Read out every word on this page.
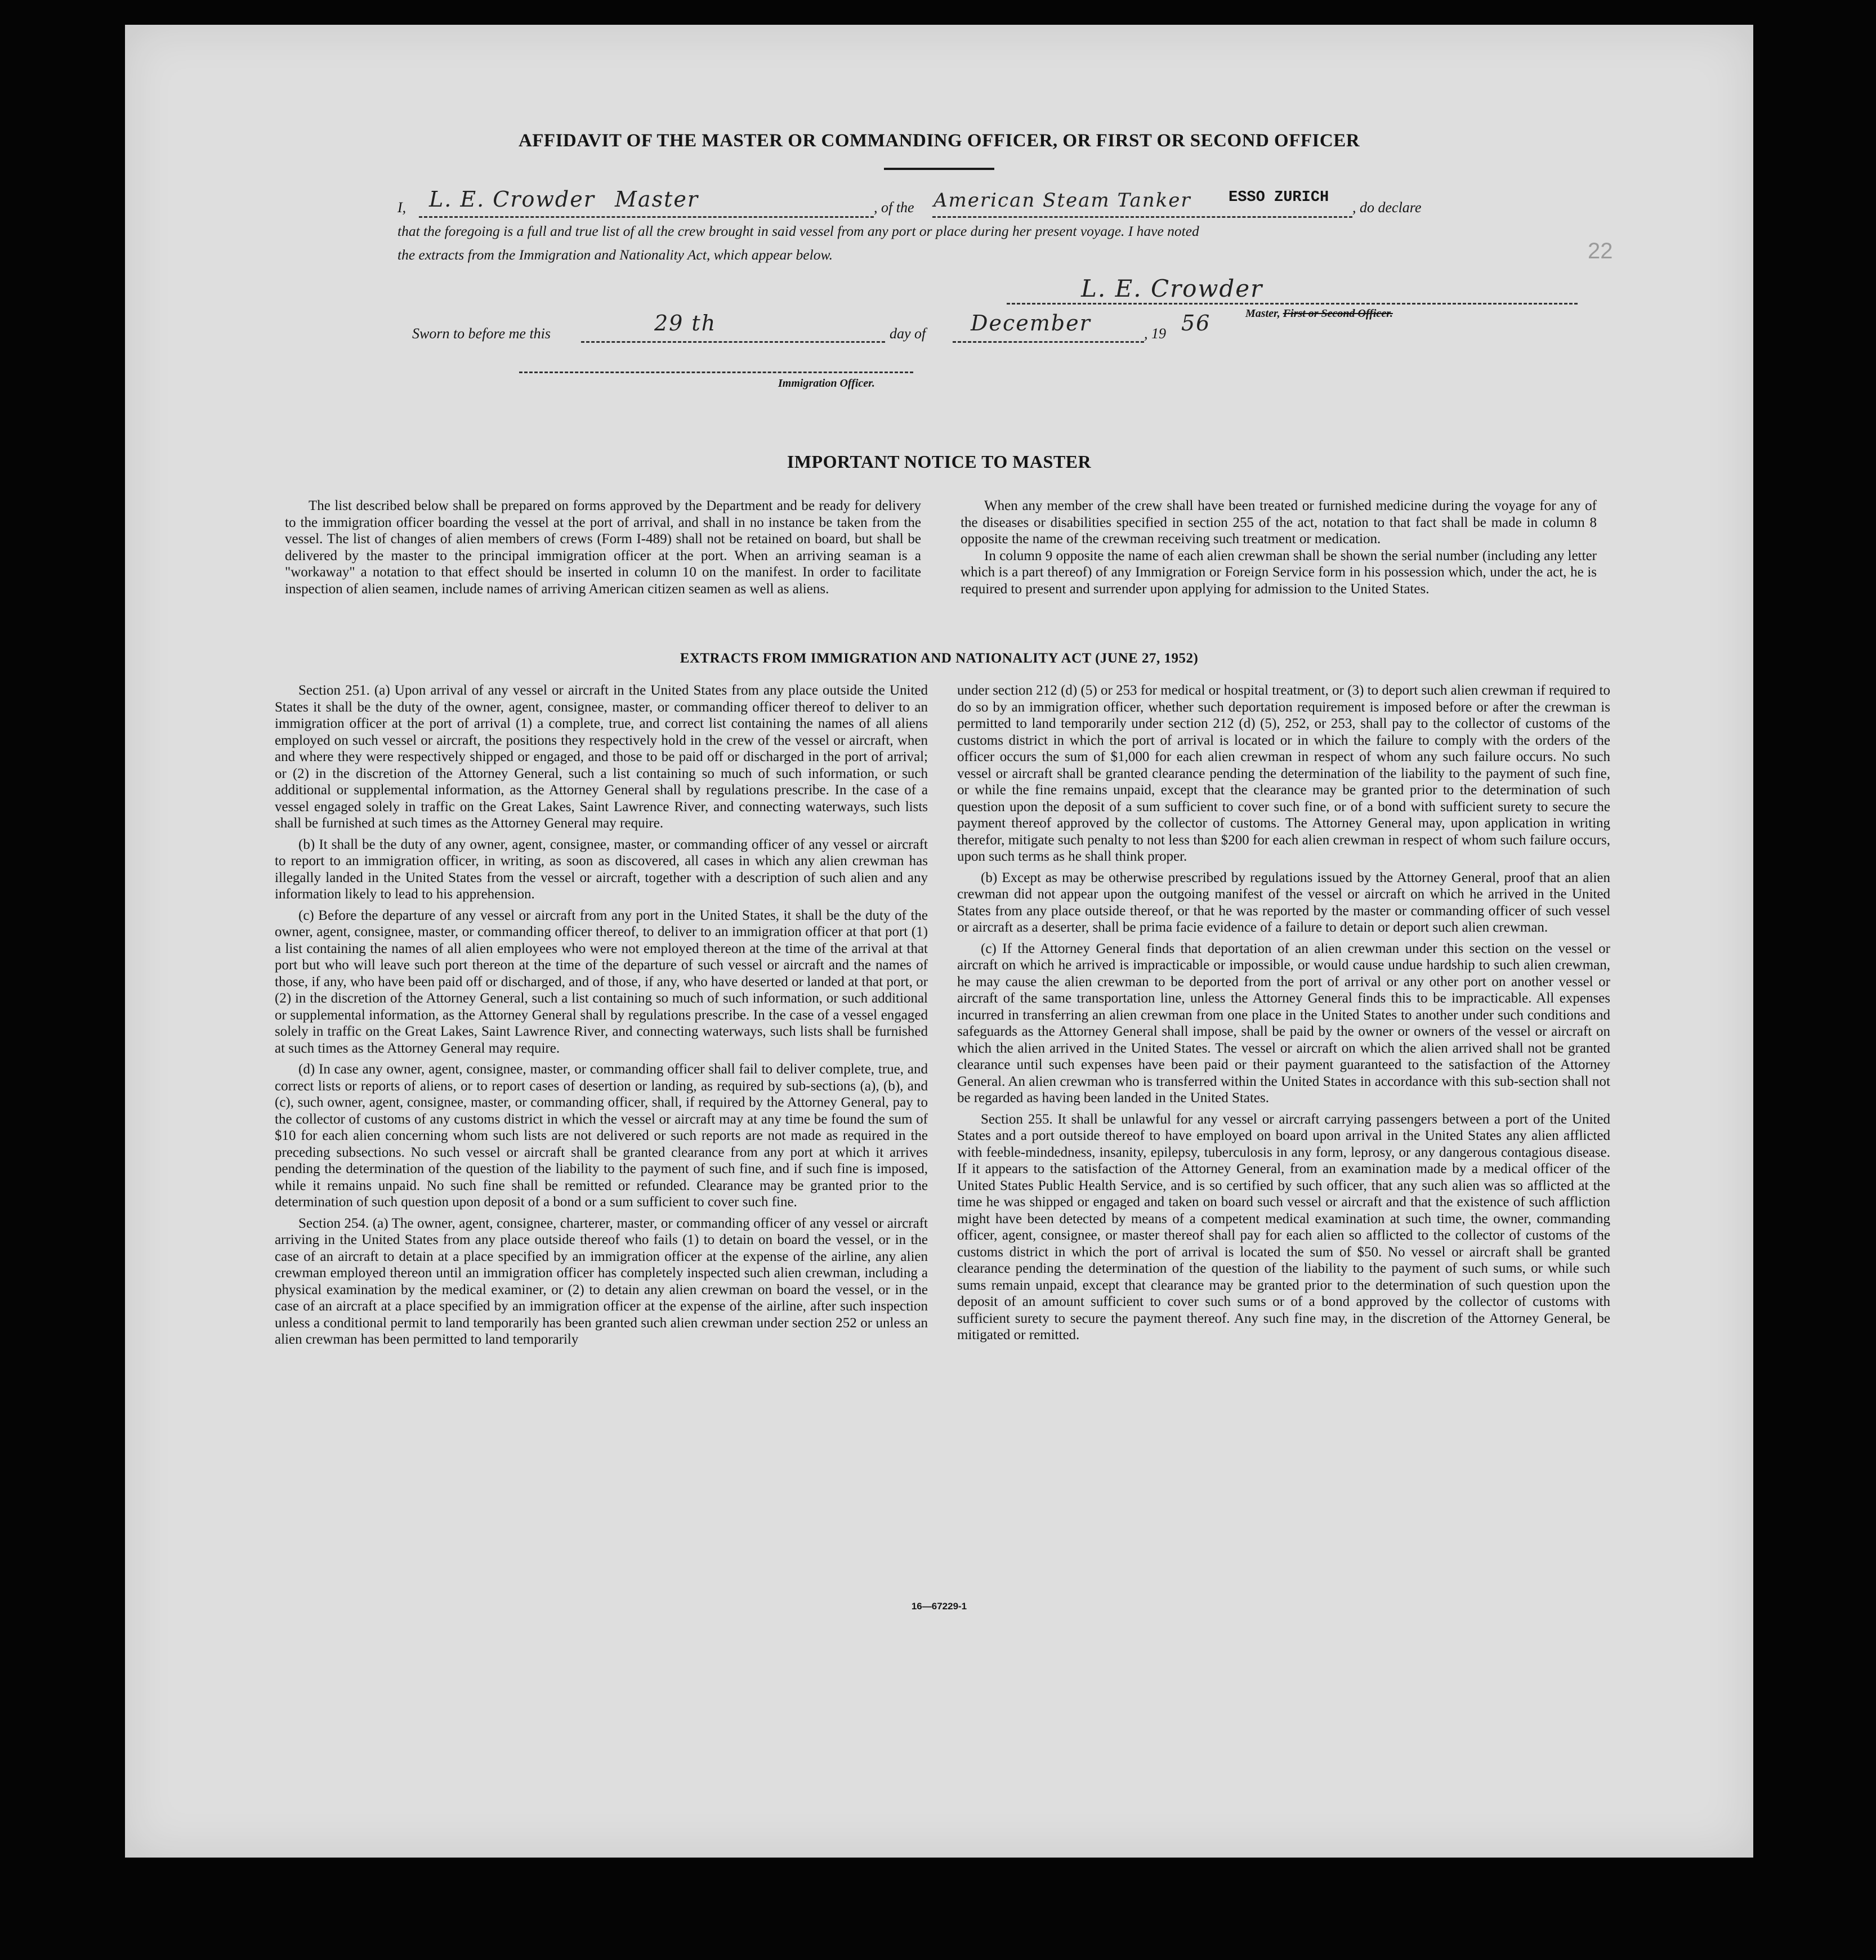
AFFIDAVIT OF THE MASTER OR COMMANDING OFFICER, OR FIRST OR SECOND OFFICER
22
I, L. E. Crowder Master	, of the American Steam Tanker ESSO ZURICH
, do declare
that the foregoing is a full and true list of all the crew brought in said vessel from any port or place during her present voyage. I have noted
the extracts from the Immigration and Nationality Act, which appear below.
L. E. Crowder
Master, First or Second Officer.
Sworn to before me this	29 th	day of December	, 19 56
Immigration Officer.
IMPORTANT NOTICE TO MASTER

The list described below shall be prepared on forms approved by the Department and be ready for delivery to the immigration officer boarding the vessel at the port of arrival, and shall in no instance be taken from the vessel. The list of changes of alien members of crews (Form I-489) shall not be retained on board, but shall be delivered by the master to the principal immigration officer at the port. When an arriving seaman is a "workaway" a notation to that effect should be inserted in column 10 on the manifest. In order to facilitate inspection of alien seamen, include names of arriving American citizen seamen as well as aliens.

When any member of the crew shall have been treated or furnished medicine during the voyage for any of the diseases or disabilities specified in section 255 of the act, notation to that fact shall be made in column 8 opposite the name of the crewman receiving such treatment or medication.

In column 9 opposite the name of each alien crewman shall be shown the serial number (including any letter which is a part thereof) of any Immigration or Foreign Service form in his possession which, under the act, he is required to present and surrender upon applying for admission to the United States.

EXTRACTS FROM IMMIGRATION AND NATIONALITY ACT (JUNE 27, 1952)

Section 251. (a) Upon arrival of any vessel or aircraft in the United States from any place outside the United States it shall be the duty of the owner, agent, consignee, master, or commanding officer thereof to deliver to an immigration officer at the port of arrival (1) a complete, true, and correct list containing the names of all aliens employed on such vessel or aircraft, the positions they respectively hold in the crew of the vessel or aircraft, when and where they were respectively shipped or engaged, and those to be paid off or discharged in the port of arrival; or (2) in the discretion of the Attorney General, such a list containing so much of such information, or such additional or supplemental information, as the Attorney General shall by regulations prescribe. In the case of a vessel engaged solely in traffic on the Great Lakes, Saint Lawrence River, and connecting waterways, such lists shall be furnished at such times as the Attorney General may require.

(b) It shall be the duty of any owner, agent, consignee, master, or commanding officer of any vessel or aircraft to report to an immigration officer, in writing, as soon as discovered, all cases in which any alien crewman has illegally landed in the United States from the vessel or aircraft, together with a description of such alien and any information likely to lead to his apprehension.

(c) Before the departure of any vessel or aircraft from any port in the United States, it shall be the duty of the owner, agent, consignee, master, or commanding officer thereof, to deliver to an immigration officer at that port (1) a list containing the names of all alien employees who were not employed thereon at the time of the arrival at that port but who will leave such port thereon at the time of the departure of such vessel or aircraft and the names of those, if any, who have been paid off or discharged, and of those, if any, who have deserted or landed at that port, or (2) in the discretion of the Attorney General, such a list containing so much of such information, or such additional or supplemental information, as the Attorney General shall by regulations prescribe. In the case of a vessel engaged solely in traffic on the Great Lakes, Saint Lawrence River, and connecting waterways, such lists shall be furnished at such times as the Attorney General may require.

(d) In case any owner, agent, consignee, master, or commanding officer shall fail to deliver complete, true, and correct lists or reports of aliens, or to report cases of desertion or landing, as required by sub-sections (a), (b), and (c), such owner, agent, consignee, master, or commanding officer, shall, if required by the Attorney General, pay to the collector of customs of any customs district in which the vessel or aircraft may at any time be found the sum of $10 for each alien concerning whom such lists are not delivered or such reports are not made as required in the preceding subsections. No such vessel or aircraft shall be granted clearance from any port at which it arrives pending the determination of the question of the liability to the payment of such fine, and if such fine is imposed, while it remains unpaid. No such fine shall be remitted or refunded. Clearance may be granted prior to the determination of such question upon deposit of a bond or a sum sufficient to cover such fine.

Section 254. (a) The owner, agent, consignee, charterer, master, or commanding officer of any vessel or aircraft arriving in the United States from any place outside thereof who fails (1) to detain on board the vessel, or in the case of an aircraft to detain at a place specified by an immigration officer at the expense of the airline, any alien crewman employed thereon until an immigration officer has completely inspected such alien crewman, including a physical examination by the medical examiner, or (2) to detain any alien crewman on board the vessel, or in the case of an aircraft at a place specified by an immigration officer at the expense of the airline, after such inspection unless a conditional permit to land temporarily has been granted such alien crewman under section 252 or unless an alien crewman has been permitted to land temporarily

under section 212 (d) (5) or 253 for medical or hospital treatment, or (3) to deport such alien crewman if required to do so by an immigration officer, whether such deportation requirement is imposed before or after the crewman is permitted to land temporarily under section 212 (d) (5), 252, or 253, shall pay to the collector of customs of the customs district in which the port of arrival is located or in which the failure to comply with the orders of the officer occurs the sum of $1,000 for each alien crewman in respect of whom any such failure occurs. No such vessel or aircraft shall be granted clearance pending the determination of the liability to the payment of such fine, or while the fine remains unpaid, except that the clearance may be granted prior to the determination of such question upon the deposit of a sum sufficient to cover such fine, or of a bond with sufficient surety to secure the payment thereof approved by the collector of customs. The Attorney General may, upon application in writing therefor, mitigate such penalty to not less than $200 for each alien crewman in respect of whom such failure occurs, upon such terms as he shall think proper.

(b) Except as may be otherwise prescribed by regulations issued by the Attorney General, proof that an alien crewman did not appear upon the outgoing manifest of the vessel or aircraft on which he arrived in the United States from any place outside thereof, or that he was reported by the master or commanding officer of such vessel or aircraft as a deserter, shall be prima facie evidence of a failure to detain or deport such alien crewman.

(c) If the Attorney General finds that deportation of an alien crewman under this section on the vessel or aircraft on which he arrived is impracticable or impossible, or would cause undue hardship to such alien crewman, he may cause the alien crewman to be deported from the port of arrival or any other port on another vessel or aircraft of the same transportation line, unless the Attorney General finds this to be impracticable. All expenses incurred in transferring an alien crewman from one place in the United States to another under such conditions and safeguards as the Attorney General shall impose, shall be paid by the owner or owners of the vessel or aircraft on which the alien arrived in the United States. The vessel or aircraft on which the alien arrived shall not be granted clearance until such expenses have been paid or their payment guaranteed to the satisfaction of the Attorney General. An alien crewman who is transferred within the United States in accordance with this sub-section shall not be regarded as having been landed in the United States.

Section 255. It shall be unlawful for any vessel or aircraft carrying passengers between a port of the United States and a port outside thereof to have employed on board upon arrival in the United States any alien afflicted with feeble-mindedness, insanity, epilepsy, tuberculosis in any form, leprosy, or any dangerous contagious disease. If it appears to the satisfaction of the Attorney General, from an examination made by a medical officer of the United States Public Health Service, and is so certified by such officer, that any such alien was so afflicted at the time he was shipped or engaged and taken on board such vessel or aircraft and that the existence of such affliction might have been detected by means of a competent medical examination at such time, the owner, commanding officer, agent, consignee, or master thereof shall pay for each alien so afflicted to the collector of customs of the customs district in which the port of arrival is located the sum of $50. No vessel or aircraft shall be granted clearance pending the determination of the question of the liability to the payment of such sums, or while such sums remain unpaid, except that clearance may be granted prior to the determination of such question upon the deposit of an amount sufficient to cover such sums or of a bond approved by the collector of customs with sufficient surety to secure the payment thereof. Any such fine may, in the discretion of the Attorney General, be mitigated or remitted.

16—67229-1
